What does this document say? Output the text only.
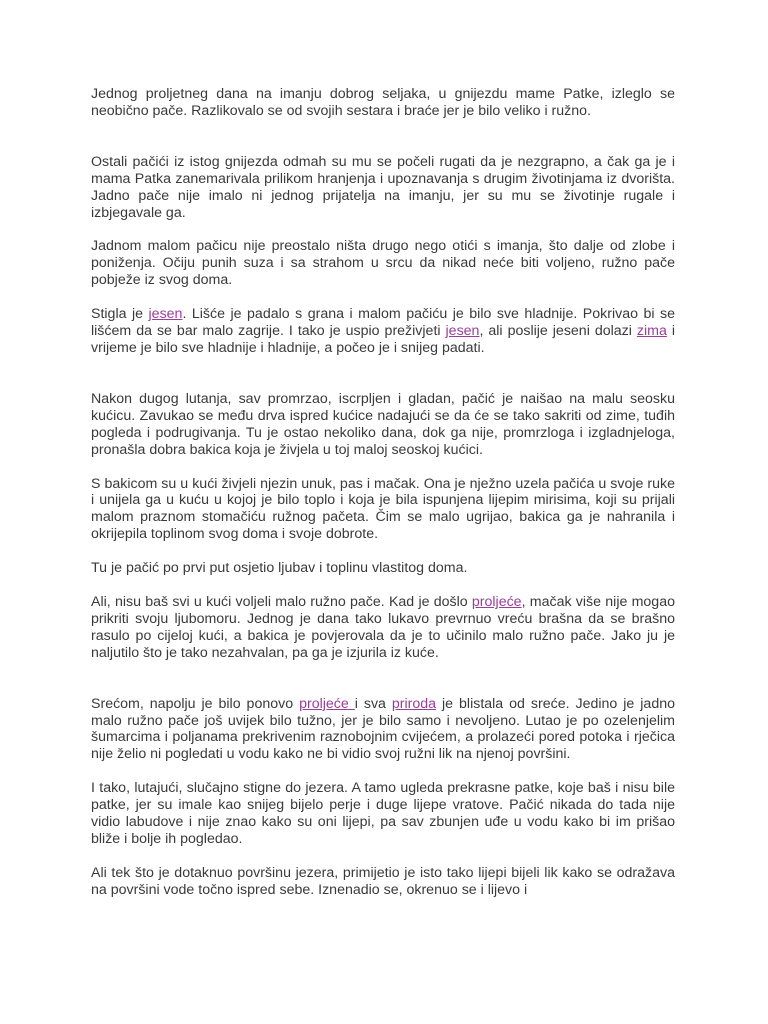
Jednog proljetneg dana na imanju dobrog seljaka, u gnijezdu mame Patke, izleglo se neobično pače. Razlikovalo se od svojih sestara i braće jer je bilo veliko i ružno.

Ostali pačići iz istog gnijezda odmah su mu se počeli rugati da je nezgrapno, a čak ga je i mama Patka zanemarivala prilikom hranjenja i upoznavanja s drugim životinjama iz dvorišta. Jadno pače nije imalo ni jednog prijatelja na imanju, jer su mu se životinje rugale i izbjegavale ga.

Jadnom malom pačicu nije preostalo ništa drugo nego otići s imanja, što dalje od zlobe i poniženja. Očiju punih suza i sa strahom u srcu da nikad neće biti voljeno, ružno pače pobježe iz svog doma.

Stigla je jesen. Lišće je padalo s grana i malom pačiću je bilo sve hladnije. Pokrivao bi se lišćem da se bar malo zagrije. I tako je uspio preživjeti jesen, ali poslije jeseni dolazi zima i vrijeme je bilo sve hladnije i hladnije, a počeo je i snijeg padati.

Nakon dugog lutanja, sav promrzao, iscrpljen i gladan, pačić je naišao na malu seosku kućicu. Zavukao se među drva ispred kućice nadajući se da će se tako sakriti od zime, tuđih pogleda i podrugivanja. Tu je ostao nekoliko dana, dok ga nije, promrzloga i izgladnjeloga, pronašla dobra bakica koja je živjela u toj maloj seoskoj kućici.

S bakicom su u kući živjeli njezin unuk, pas i mačak. Ona je nježno uzela pačića u svoje ruke i unijela ga u kuću u kojoj je bilo toplo i koja je bila ispunjena lijepim mirisima, koji su prijali malom praznom stomačiću ružnog pačeta. Čim se malo ugrijao, bakica ga je nahranila i okrijepila toplinom svog doma i svoje dobrote.

Tu je pačić po prvi put osjetio ljubav i toplinu vlastitog doma.

Ali, nisu baš svi u kući voljeli malo ružno pače. Kad je došlo proljeće, mačak više nije mogao prikriti svoju ljubomoru. Jednog je dana tako lukavo prevrnuo vreću brašna da se brašno rasulo po cijeloj kući, a bakica je povjerovala da je to učinilo malo ružno pače. Jako ju je naljutilo što je tako nezahvalan, pa ga je izjurila iz kuće.

Srećom, napolju je bilo ponovo proljeće i sva priroda je blistala od sreće. Jedino je jadno malo ružno pače još uvijek bilo tužno, jer je bilo samo i nevoljeno. Lutao je po ozelenjelim šumarcima i poljanama prekrivenim raznobojnim cvijećem, a prolazeći pored potoka i rječica nije želio ni pogledati u vodu kako ne bi vidio svoj ružni lik na njenoj površini.

I tako, lutajući, slučajno stigne do jezera. A tamo ugleda prekrasne patke, koje baš i nisu bile patke, jer su imale kao snijeg bijelo perje i duge lijepe vratove. Pačić nikada do tada nije vidio labudove i nije znao kako su oni lijepi, pa sav zbunjen uđe u vodu kako bi im prišao bliže i bolje ih pogledao.

Ali tek što je dotaknuo površinu jezera, primijetio je isto tako lijepi bijeli lik kako se odražava na površini vode točno ispred sebe. Iznenadio se, okrenuo se i lijevo i
